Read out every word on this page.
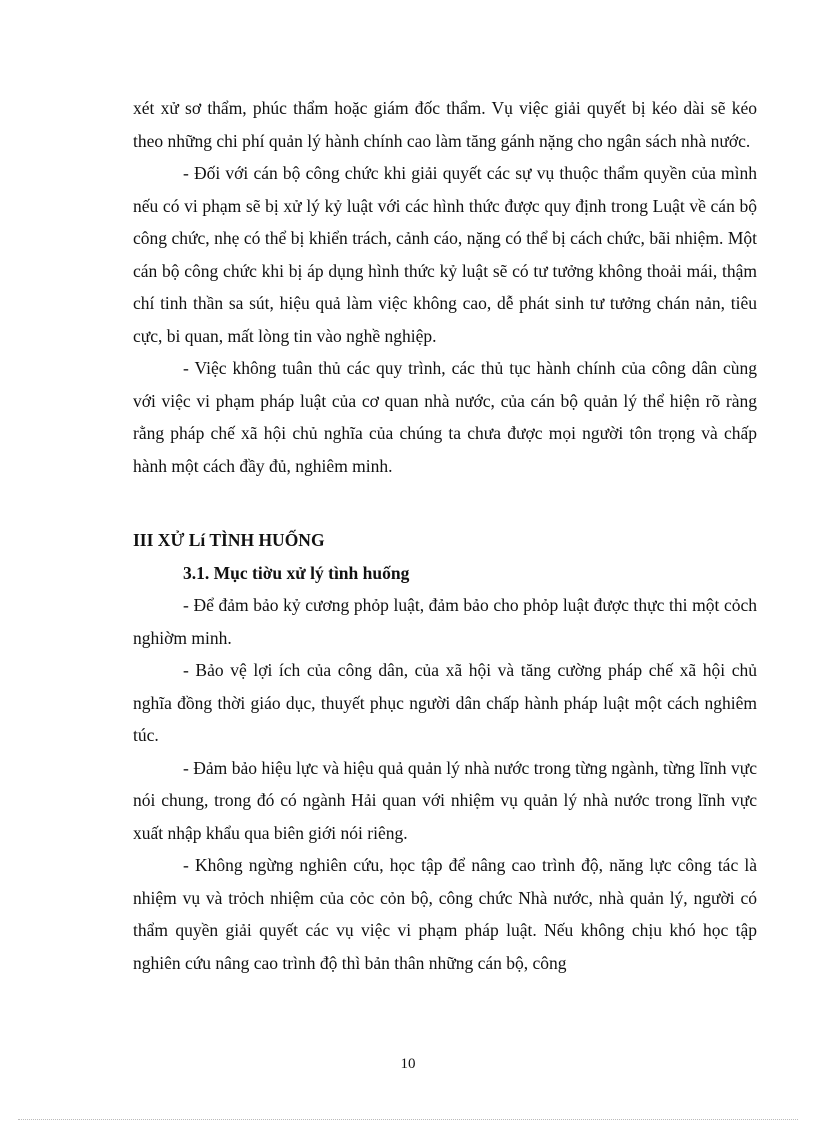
xét xử sơ thẩm, phúc thẩm hoặc giám đốc thẩm. Vụ việc giải quyết bị kéo dài sẽ kéo theo những chi phí quản lý hành chính cao làm tăng gánh nặng cho ngân sách nhà nước.

- Đối với cán bộ công chức khi giải quyết các sự vụ thuộc thẩm quyền của mình nếu có vi phạm sẽ bị xử lý kỷ luật với các hình thức được quy định trong Luật về cán bộ công chức, nhẹ có thể bị khiển trách, cảnh cáo, nặng có thể bị cách chức, bãi nhiệm. Một cán bộ công chức khi bị áp dụng hình thức kỷ luật sẽ có tư tưởng không thoải mái, thậm chí tinh thần sa sút, hiệu quả làm việc không cao, dễ phát sinh tư tưởng chán nản, tiêu cực, bi quan, mất lòng tin vào nghề nghiệp.

- Việc không tuân thủ các quy trình, các thủ tục hành chính của công dân cùng với việc vi phạm pháp luật của cơ quan nhà nước, của cán bộ quản lý thể hiện rõ ràng rằng pháp chế xã hội chủ nghĩa của chúng ta chưa được mọi người tôn trọng và chấp hành một cách đầy đủ, nghiêm minh.

III XỬ Lí TÌNH HUỐNG

3.1. Mục tiờu xử lý tình huống

- Để đảm bảo kỷ cương phỏp luật, đảm bảo cho phỏp luật được thực thi một cỏch nghiờm minh.

- Bảo vệ lợi ích của công dân, của xã hội và tăng cường pháp chế xã hội chủ nghĩa đồng thời giáo dục, thuyết phục người dân chấp hành pháp luật một cách nghiêm túc.

- Đảm bảo hiệu lực và hiệu quả quản lý nhà nước trong từng ngành, từng lĩnh vực nói chung, trong đó có ngành Hải quan với nhiệm vụ quản lý nhà nước trong lĩnh vực xuất nhập khẩu qua biên giới nói riêng.

- Không ngừng nghiên cứu, học tập để nâng cao trình độ, năng lực công tác là nhiệm vụ và trỏch nhiệm của cỏc cỏn bộ, công chức Nhà nước, nhà quản lý, người có thẩm quyền giải quyết các vụ việc vi phạm pháp luật. Nếu không chịu khó học tập nghiên cứu nâng cao trình độ thì bản thân những cán bộ, công

10
